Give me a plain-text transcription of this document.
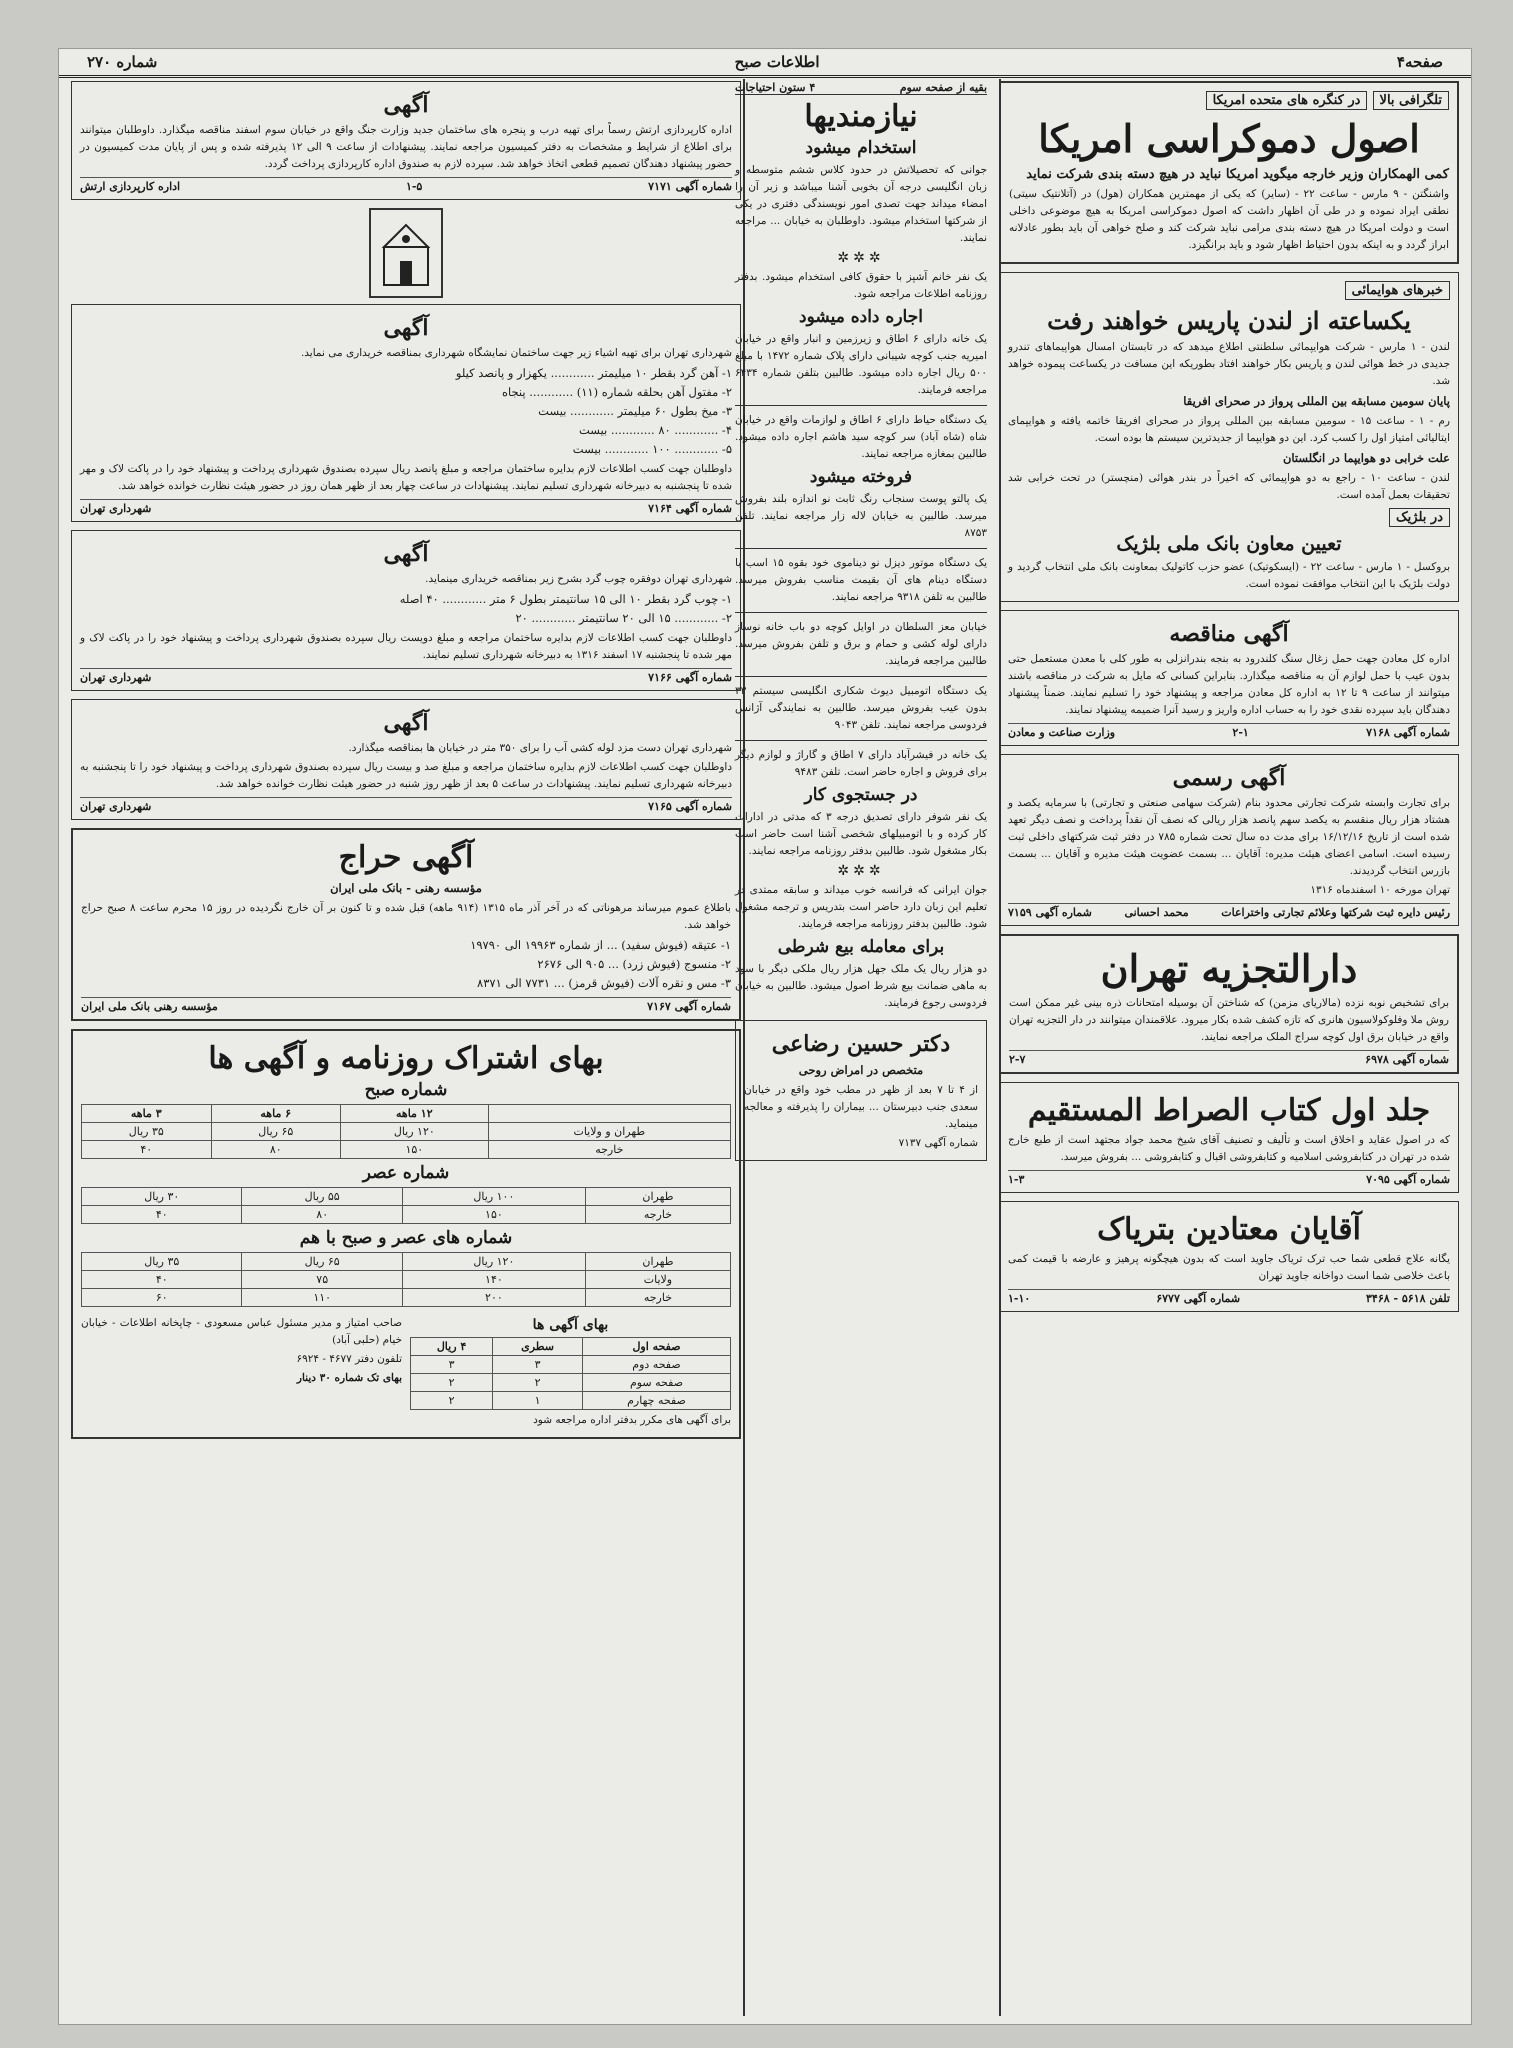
صفحه۴
اطلاعات صبح
شماره ۲۷۰
تلگرافی بالا در کنگره های متحده امریکا
اصول دموکراسی امریکا
کمی الهمکاران وزیر خارجه میگوید امریکا نباید در هیچ دسته بندی شرکت نماید
واشنگتن - ۹ مارس - ساعت ۲۲ - (سایر) که یکی از مهمترین همکاران (هول) در (آتلانتیک سیتی) نطقی ایراد نموده و در طی آن اظهار داشت که اصول دموکراسی امریکا به هیچ موضوعی داخلی است و دولت امریکا در هیچ دسته بندی مرامی نباید شرکت کند و صلح خواهی آن باید بطور عادلانه ابراز گردد و به اینکه بدون احتیاط اظهار شود و باید برانگیزد.
خبرهای هوایمائی
یکساعته از لندن پاریس خواهند رفت
لندن - ۱ مارس - شرکت هوایپمائی سلطنتی اطلاع میدهد که در تابستان امسال هواپیماهای تندرو جدیدی در خط هوائی لندن و پاریس بکار خواهند افتاد بطوریکه این مسافت در یکساعت پیموده خواهد شد.
پایان سومین مسابقه بین المللی پرواز در صحرای افریقا
رم - ۱ - ساعت ۱۵ - سومین مسابقه بین المللی پرواز در صحرای افریقا خاتمه یافته و هوایپمای ایتالیائی امتیاز اول را کسب کرد. این دو هوایپما از جدیدترین سیستم ها بوده است.
علت خرابی دو هوایپما در انگلستان
لندن - ساعت ۱۰ - راجع به دو هواپیمائی که اخیراً در بندر هوائی (منچستر) در تحت خرابی شد تحقیقات بعمل آمده است.
در بلژیک
تعیین معاون بانک ملی بلژیک
بروکسل - ۱ مارس - ساعت ۲۲ - (ایسکوتیک) عضو حزب کاتولیک بمعاونت بانک ملی انتخاب گردید و دولت بلژیک با این انتخاب موافقت نموده است.
آگهی مناقصه
اداره کل معادن جهت حمل زغال سنگ کلندرود به بنجه بندرانزلی به طور کلی با معدن مستعمل حتی بدون عیب با حمل لوازم آن به مناقصه میگذارد. بنابراین کسانی که مایل به شرکت در مناقصه باشند میتوانند از ساعت ۹ تا ۱۲ به اداره کل معادن مراجعه و پیشنهاد خود را تسلیم نمایند. ضمناً پیشنهاد دهندگان باید سپرده نقدی خود را به حساب اداره واریز و رسید آنرا ضمیمه پیشنهاد نمایند.
شماره آگهی ۷۱۶۸
۲-۱
وزارت صناعت و معادن
آگهی رسمی
برای تجارت وابسته شرکت تجارتی محدود بنام (شرکت سهامی صنعتی و تجارتی) با سرمایه یکصد و هشتاد هزار ریال منقسم به یکصد سهم پانصد هزار ریالی که نصف آن نقداً پرداخت و نصف دیگر تعهد شده است از تاریخ ۱۶/۱۲/۱۶ برای مدت ده سال تحت شماره ۷۸۵ در دفتر ثبت شرکتهای داخلی ثبت رسیده است. اسامی اعضای هیئت مدیره: آقایان ... بسمت عضویت هیئت مدیره و آقایان ... بسمت بازرس انتخاب گردیدند.
تهران مورخه ۱۰ اسفندماه ۱۳۱۶
رئیس دایره ثبت شرکتها وعلائم تجارتی واختراعات
محمد احسانی
شماره آگهی ۷۱۵۹
دارالتجزیه تهران
برای تشخیص نوبه نزده (مالاریای مزمن) که شناختن آن بوسیله امتحانات ذره بینی غیر ممکن است روش ملا وفلوکولاسیون هانری که تازه کشف شده بکار میرود. علاقمندان میتوانند در دار التجزیه تهران واقع در خیابان برق اول کوچه سراج الملک مراجعه نمایند.
شماره آگهی ۶۹۷۸
۲-۷
جلد اول کتاب الصراط المستقیم
که در اصول عقاید و اخلاق است و تألیف و تصنیف آقای شیخ محمد جواد مجتهد است از طبع خارج شده در تهران در کتابفروشی اسلامیه و کتابفروشی اقبال و کتابفروشی ... بفروش میرسد.
شماره آگهی ۷۰۹۵
۱-۳
آقایان معتادین بتریاک
یگانه علاج قطعی شما حب ترک تریاک جاوید است که بدون هیچگونه پرهیز و عارضه با قیمت کمی باعث خلاصی شما است دواخانه جاوید تهران
تلفن ۵۶۱۸ - ۳۴۶۸
شماره آگهی ۶۷۷۷
۱-۱۰
بقیه از صفحه سوم
۴ ستون احتیاجات
نیازمندیها
استخدام میشود
جوانی که تحصیلاتش در حدود کلاس ششم متوسطه و زبان انگلیسی درجه آن بخوبی آشنا میباشد و زیر آن را امضاء میداند جهت تصدی امور نویسندگی دفتری در یکی از شرکتها استخدام میشود. داوطلبان به خیابان ... مراجعه نمایند.
✲✲✲
یک نفر خانم آشپز با حقوق کافی استخدام میشود. بدفتر روزنامه اطلاعات مراجعه شود.
اجاره داده میشود
یک خانه دارای ۶ اطاق و زیرزمین و انبار واقع در خیابان امیریه جنب کوچه شیبانی دارای پلاک شماره ۱۴۷۲ با مبلغ ۵۰۰ ریال اجاره داده میشود. طالبین بتلفن شماره ۶۴۳۴ مراجعه فرمایند.
یک دستگاه حیاط دارای ۶ اطاق و لوازمات واقع در خیابان شاه (شاه آباد) سر کوچه سید هاشم اجاره داده میشود. طالبین بمغازه مراجعه نمایند.
فروخته میشود
یک پالتو پوست سنجاب رنگ ثابت نو اندازه بلند بفروش میرسد. طالبین به خیابان لاله زار مراجعه نمایند. تلفن ۸۷۵۳
یک دستگاه موتور دیزل نو دیناموی خود بقوه ۱۵ اسب با دستگاه دینام های آن بقیمت مناسب بفروش میرسد. طالبین به تلفن ۹۳۱۸ مراجعه نمایند.
خیابان معز السلطان در اوایل کوچه دو باب خانه نوساز دارای لوله کشی و حمام و برق و تلفن بفروش میرسد. طالبین مراجعه فرمایند.
یک دستگاه اتومبیل دیوث شکاری انگلیسی سیستم ۳۳ بدون عیب بفروش میرسد. طالبین به نمایندگی آژانس فردوسی مراجعه نمایند. تلفن ۹۰۴۳
یک خانه در فیشرآباد دارای ۷ اطاق و گاراژ و لوازم دیگر برای فروش و اجاره حاضر است. تلفن ۹۴۸۳
در جستجوی کار
یک نفر شوفر دارای تصدیق درجه ۳ که مدتی در ادارات کار کرده و با اتومبیلهای شخصی آشنا است حاضر است بکار مشغول شود. طالبین بدفتر روزنامه مراجعه نمایند.
✲✲✲
جوان ایرانی که فرانسه خوب میداند و سابقه ممتدی در تعلیم این زبان دارد حاضر است بتدریس و ترجمه مشغول شود. طالبین بدفتر روزنامه مراجعه فرمایند.
برای معامله بیع شرطی
دو هزار ریال یک ملک جهل هزار ریال ملکی دیگر با سود به ماهی ضمانت بیع شرط اصول میشود. طالبین به خیابان فردوسی رجوع فرمایند.
دکتر حسین رضاعی
متخصص در امراض روحی
از ۴ تا ۷ بعد از ظهر در مطب خود واقع در خیابان سعدی جنب دبیرستان ... بیماران را پذیرفته و معالجه مینماید.
شماره آگهی ۷۱۳۷
آگهی
اداره کارپردازی ارتش رسماً برای تهیه درب و پنجره های ساختمان جدید وزارت جنگ واقع در خیابان سوم اسفند مناقصه میگذارد. داوطلبان میتوانند برای اطلاع از شرایط و مشخصات به دفتر کمیسیون مراجعه نمایند. پیشنهادات از ساعت ۹ الی ۱۲ پذیرفته شده و پس از پایان مدت کمیسیون در حضور پیشنهاد دهندگان تصمیم قطعی اتخاذ خواهد شد. سپرده لازم به صندوق اداره کارپردازی پرداخت گردد.
شماره آگهی ۷۱۷۱
۱-۵
اداره کارپردازی ارتش
آگهی
شهرداری تهران برای تهیه اشیاء زیر جهت ساختمان نمایشگاه شهرداری بمناقصه خریداری می نماید.
۱- آهن گرد بقطر ۱۰ میلیمتر ............ یکهزار و پانصد کیلو
۲- مفتول آهن بحلقه شماره (۱۱) ............ پنجاه
۳- میخ بطول ۶۰ میلیمتر ............ بیست
۴- ............ ۸۰ ............ بیست
۵- ............ ۱۰۰ ............ بیست
داوطلبان جهت کسب اطلاعات لازم بدایره ساختمان مراجعه و مبلغ پانصد ریال سپرده بصندوق شهرداری پرداخت و پیشنهاد خود را در پاکت لاک و مهر شده تا پنجشنبه به دبیرخانه شهرداری تسلیم نمایند. پیشنهادات در ساعت چهار بعد از ظهر همان روز در حضور هیئت نظارت خوانده خواهد شد.
شماره آگهی ۷۱۶۴
شهرداری تهران
آگهی
شهرداری تهران دوفقره چوب گرد بشرح زیر بمناقصه خریداری مینماید.
۱- چوب گرد بقطر ۱۰ الی ۱۵ سانتیمتر بطول ۶ متر ............ ۴۰ اصله
۲- ............ ۱۵ الی ۲۰ سانتیمتر ............ ۲۰
داوطلبان جهت کسب اطلاعات لازم بدایره ساختمان مراجعه و مبلغ دویست ریال سپرده بصندوق شهرداری پرداخت و پیشنهاد خود را در پاکت لاک و مهر شده تا پنجشنبه ۱۷ اسفند ۱۳۱۶ به دبیرخانه شهرداری تسلیم نمایند.
شماره آگهی ۷۱۶۶
شهرداری تهران
آگهی
شهرداری تهران دست مزد لوله کشی آب را برای ۳۵۰ متر در خیابان ها بمناقصه میگذارد.
داوطلبان جهت کسب اطلاعات لازم بدایره ساختمان مراجعه و مبلغ صد و بیست ریال سپرده بصندوق شهرداری پرداخت و پیشنهاد خود را تا پنجشنبه به دبیرخانه شهرداری تسلیم نمایند. پیشنهادات در ساعت ۵ بعد از ظهر روز شنبه در حضور هیئت نظارت خوانده خواهد شد.
شماره آگهی ۷۱۶۵
شهرداری تهران
آگهی حراج
مؤسسه رهنی - بانک ملی ایران
باطلاع عموم میرساند مرهوناتی که در آخر آذر ماه ۱۳۱۵ (۹۱۴ ماهه) قبل شده و تا کنون بر آن خارج نگردیده در روز ۱۵ محرم ساعت ۸ صبح حراج خواهد شد.
۱- عتیقه (فیوش سفید) ... از شماره ۱۹۹۶۳ الی ۱۹۷۹۰
۲- منسوج (فیوش زرد) ... ۹۰۵ الی ۲۶۷۶
۳- مس و نقره آلات (فیوش قرمز) ... ۷۷۳۱ الی ۸۳۷۱
شماره آگهی ۷۱۶۷
مؤسسه رهنی بانک ملی ایران
بهای اشتراک روزنامه و آگهی ها
شماره صبح
	۱۲ ماهه	۶ ماهه	۳ ماهه
طهران و ولایات	۱۲۰ ریال	۶۵ ریال	۳۵ ریال
خارجه	۱۵۰	۸۰	۴۰
شماره عصر
طهران	۱۰۰ ریال	۵۵ ریال	۳۰ ریال
خارجه	۱۵۰	۸۰	۴۰
شماره های عصر و صبح با هم
طهران	۱۲۰ ریال	۶۵ ریال	۳۵ ریال
ولایات	۱۴۰	۷۵	۴۰
خارجه	۲۰۰	۱۱۰	۶۰
بهای آگهی ها
صفحه اول	سطری	۴ ریال
صفحه دوم	۳	۳
صفحه سوم	۲	۲
صفحه چهارم	۱	۲
برای آگهی های مکرر بدفتر اداره مراجعه شود
صاحب امتیاز و مدیر مسئول عباس مسعودی - چاپخانه اطلاعات - خیابان خیام (حلبی آباد)
تلفون دفتر ۴۶۷۷ - ۶۹۲۴
بهای تک شماره ۳۰ دینار
